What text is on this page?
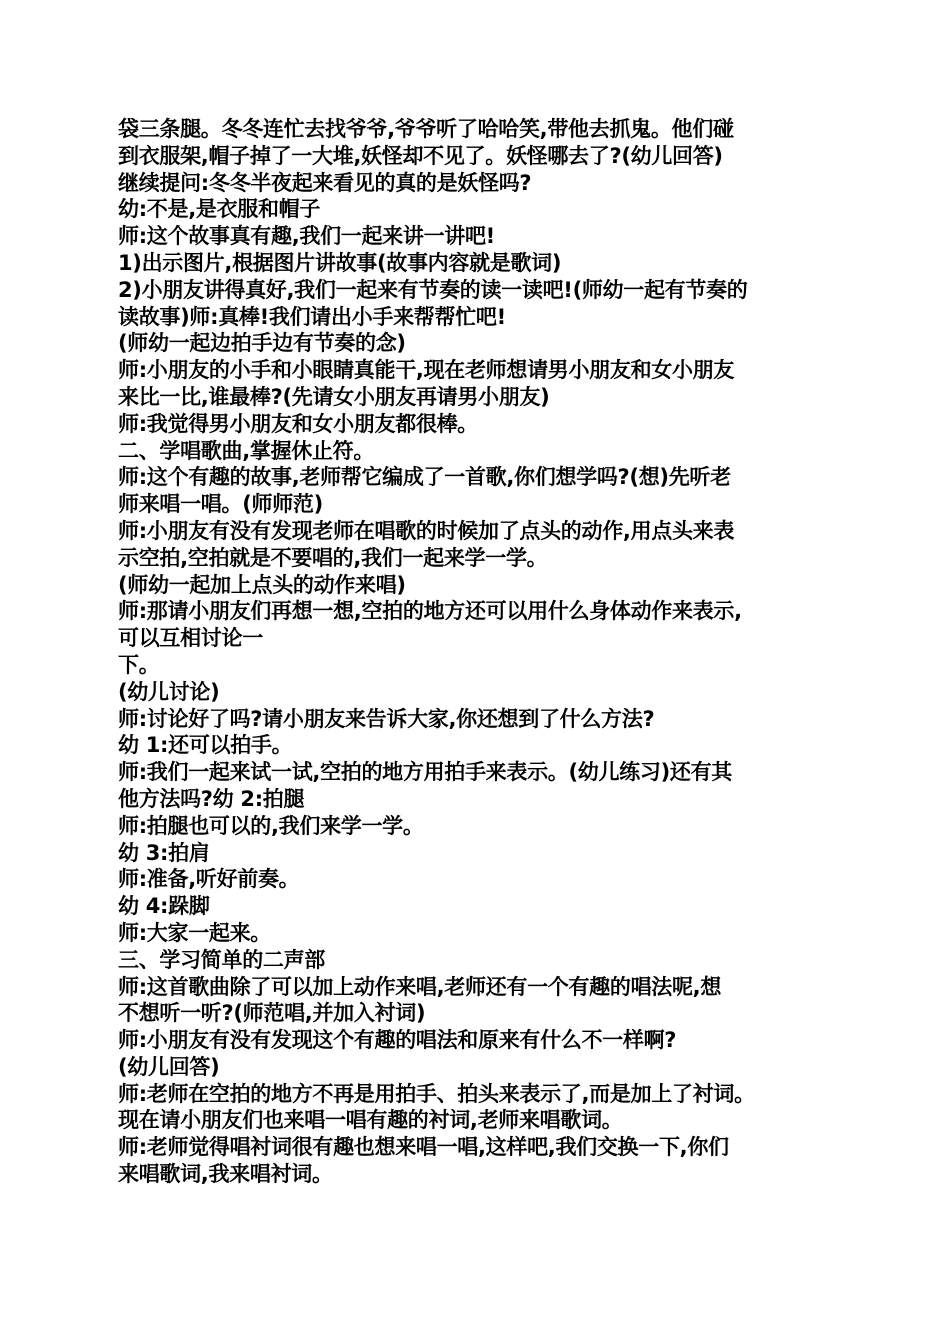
袋三条腿。冬冬连忙去找爷爷,爷爷听了哈哈笑,带他去抓鬼。他们碰
到衣服架,帽子掉了一大堆,妖怪却不见了。妖怪哪去了?(幼儿回答)
继续提问:冬冬半夜起来看见的真的是妖怪吗?
幼:不是,是衣服和帽子
师:这个故事真有趣,我们一起来讲一讲吧!
1)出示图片,根据图片讲故事(故事内容就是歌词)
2)小朋友讲得真好,我们一起来有节奏的读一读吧!(师幼一起有节奏的
读故事)师:真棒!我们请出小手来帮帮忙吧!
(师幼一起边拍手边有节奏的念)
师:小朋友的小手和小眼睛真能干,现在老师想请男小朋友和女小朋友
来比一比,谁最棒?(先请女小朋友再请男小朋友)
师:我觉得男小朋友和女小朋友都很棒。
二、学唱歌曲,掌握休止符。
师:这个有趣的故事,老师帮它编成了一首歌,你们想学吗?(想)先听老
师来唱一唱。(师师范)
师:小朋友有没有发现老师在唱歌的时候加了点头的动作,用点头来表
示空拍,空拍就是不要唱的,我们一起来学一学。
(师幼一起加上点头的动作来唱)
师:那请小朋友们再想一想,空拍的地方还可以用什么身体动作来表示,
可以互相讨论一
下。
(幼儿讨论)
师:讨论好了吗?请小朋友来告诉大家,你还想到了什么方法?
幼 1:还可以拍手。
师:我们一起来试一试,空拍的地方用拍手来表示。(幼儿练习)还有其
他方法吗?幼 2:拍腿
师:拍腿也可以的,我们来学一学。
幼 3:拍肩
师:准备,听好前奏。
幼 4:跺脚
师:大家一起来。
三、学习简单的二声部
师:这首歌曲除了可以加上动作来唱,老师还有一个有趣的唱法呢,想
不想听一听?(师范唱,并加入衬词)
师:小朋友有没有发现这个有趣的唱法和原来有什么不一样啊?
(幼儿回答)
师:老师在空拍的地方不再是用拍手、拍头来表示了,而是加上了衬词。
现在请小朋友们也来唱一唱有趣的衬词,老师来唱歌词。
师:老师觉得唱衬词很有趣也想来唱一唱,这样吧,我们交换一下,你们
来唱歌词,我来唱衬词。
